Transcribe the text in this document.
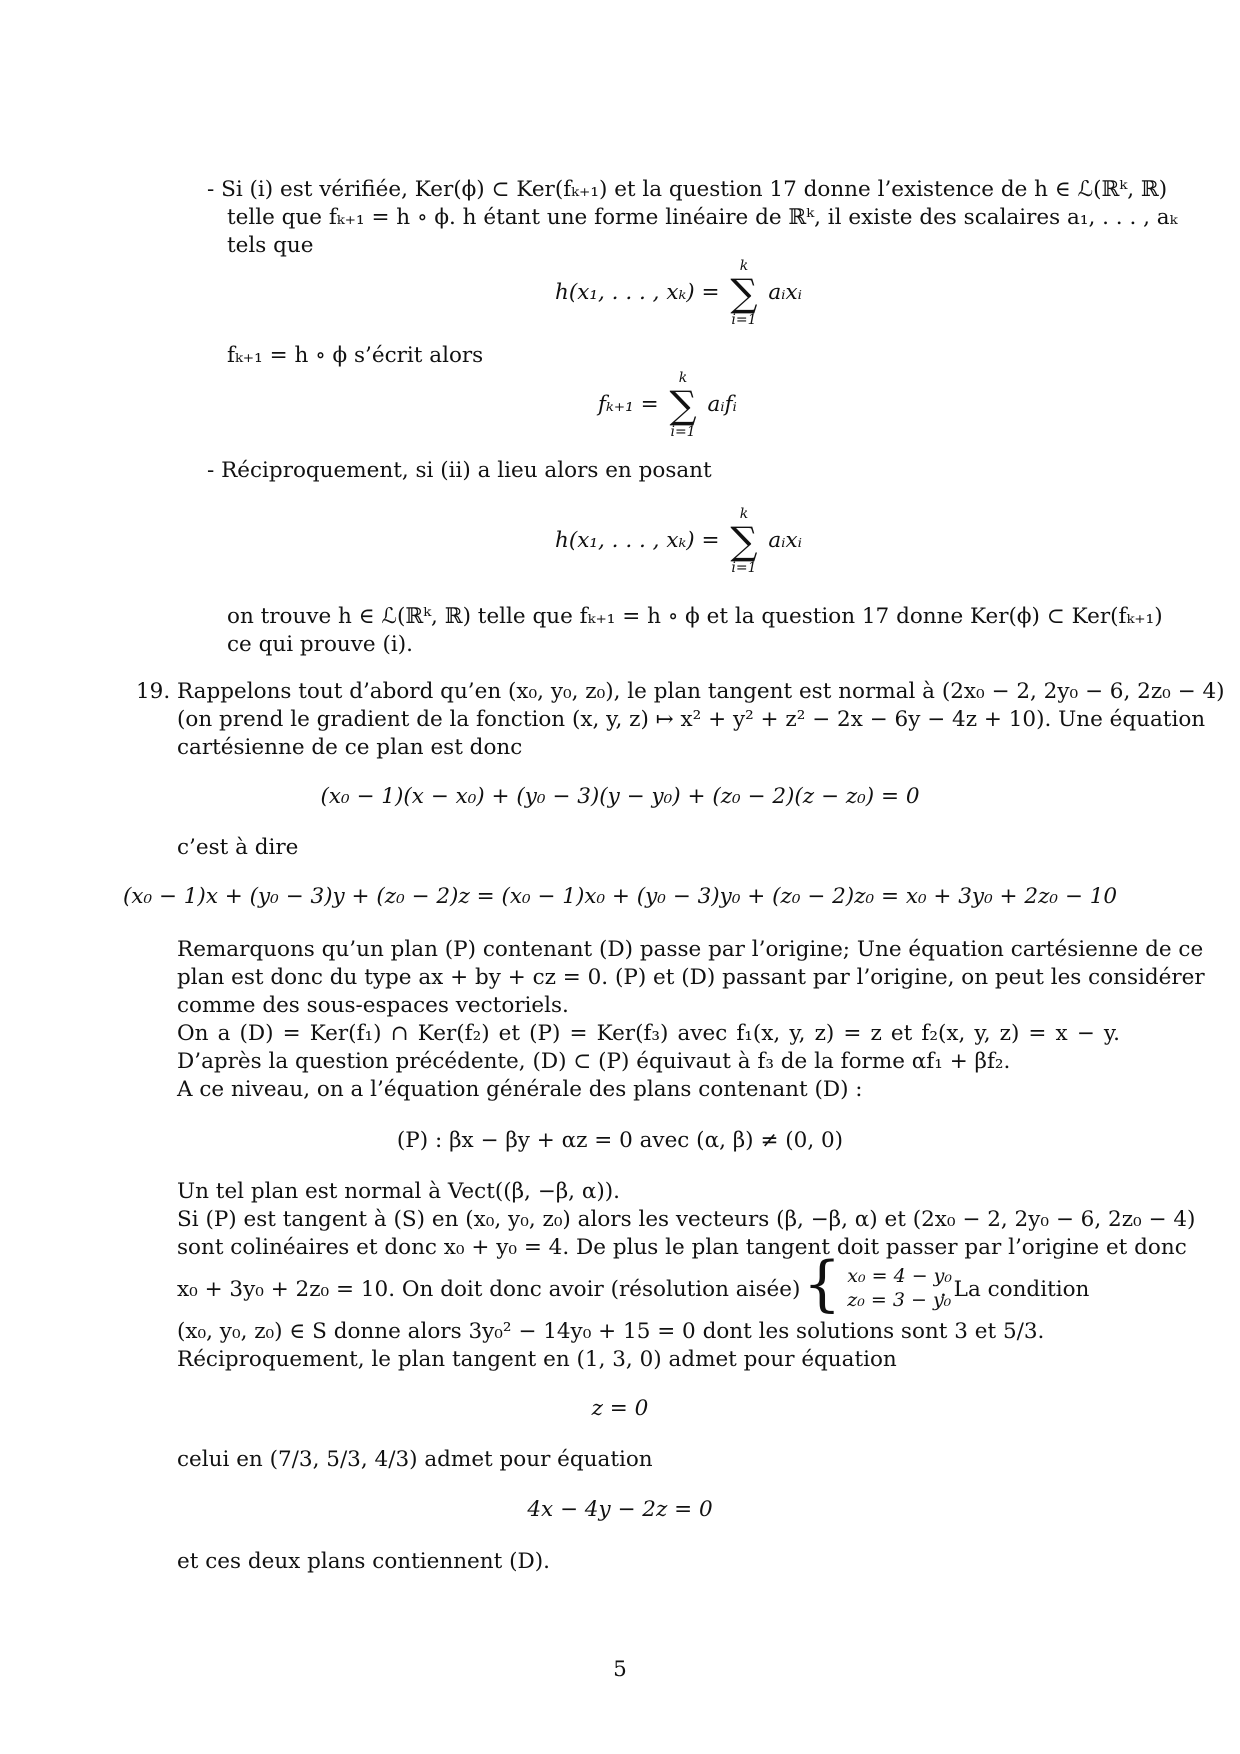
- Si (i) est vérifiée, Ker(ϕ) ⊂ Ker(fₖ₊₁) et la question 17 donne l’existence de h ∈ ℒ(ℝᵏ, ℝ)
telle que fₖ₊₁ = h ∘ ϕ. h étant une forme linéaire de ℝᵏ, il existe des scalaires a₁, . . . , aₖ
tels que
h(x₁, . . . , xₖ) =
k
∑
i=1
aᵢxᵢ
fₖ₊₁ = h ∘ ϕ s’écrit alors
fₖ₊₁ =
k
∑
i=1
aᵢfᵢ
- Réciproquement, si (ii) a lieu alors en posant
h(x₁, . . . , xₖ) =
k
∑
i=1
aᵢxᵢ
on trouve h ∈ ℒ(ℝᵏ, ℝ) telle que fₖ₊₁ = h ∘ ϕ et la question 17 donne Ker(ϕ) ⊂ Ker(fₖ₊₁)
ce qui prouve (i).
19. Rappelons tout d’abord qu’en (x₀, y₀, z₀), le plan tangent est normal à (2x₀ − 2, 2y₀ − 6, 2z₀ − 4)
(on prend le gradient de la fonction (x, y, z) ↦ x² + y² + z² − 2x − 6y − 4z + 10). Une équation
cartésienne de ce plan est donc
(x₀ − 1)(x − x₀) + (y₀ − 3)(y − y₀) + (z₀ − 2)(z − z₀) = 0
c’est à dire
(x₀ − 1)x + (y₀ − 3)y + (z₀ − 2)z = (x₀ − 1)x₀ + (y₀ − 3)y₀ + (z₀ − 2)z₀ = x₀ + 3y₀ + 2z₀ − 10
Remarquons qu’un plan (P) contenant (D) passe par l’origine; Une équation cartésienne de ce
plan est donc du type ax + by + cz = 0. (P) et (D) passant par l’origine, on peut les considérer
comme des sous-espaces vectoriels.
On a (D) = Ker(f₁) ∩ Ker(f₂) et (P) = Ker(f₃) avec f₁(x, y, z) = z et f₂(x, y, z) = x − y.
D’après la question précédente, (D) ⊂ (P) équivaut à f₃ de la forme αf₁ + βf₂.
A ce niveau, on a l’équation générale des plans contenant (D) :
(P) : βx − βy + αz = 0 avec (α, β) ≠ (0, 0)
Un tel plan est normal à Vect((β, −β, α)).
Si (P) est tangent à (S) en (x₀, y₀, z₀) alors les vecteurs (β, −β, α) et (2x₀ − 2, 2y₀ − 6, 2z₀ − 4)
sont colinéaires et donc x₀ + y₀ = 4. De plus le plan tangent doit passer par l’origine et donc
x₀ + 3y₀ + 2z₀ = 10. On doit donc avoir (résolution aisée) { x₀ = 4 − y₀
z₀ = 3 − y₀
. La condition
(x₀, y₀, z₀) ∈ S donne alors 3y₀² − 14y₀ + 15 = 0 dont les solutions sont 3 et 5/3.
Réciproquement, le plan tangent en (1, 3, 0) admet pour équation
z = 0
celui en (7/3, 5/3, 4/3) admet pour équation
4x − 4y − 2z = 0
et ces deux plans contiennent (D).
5
